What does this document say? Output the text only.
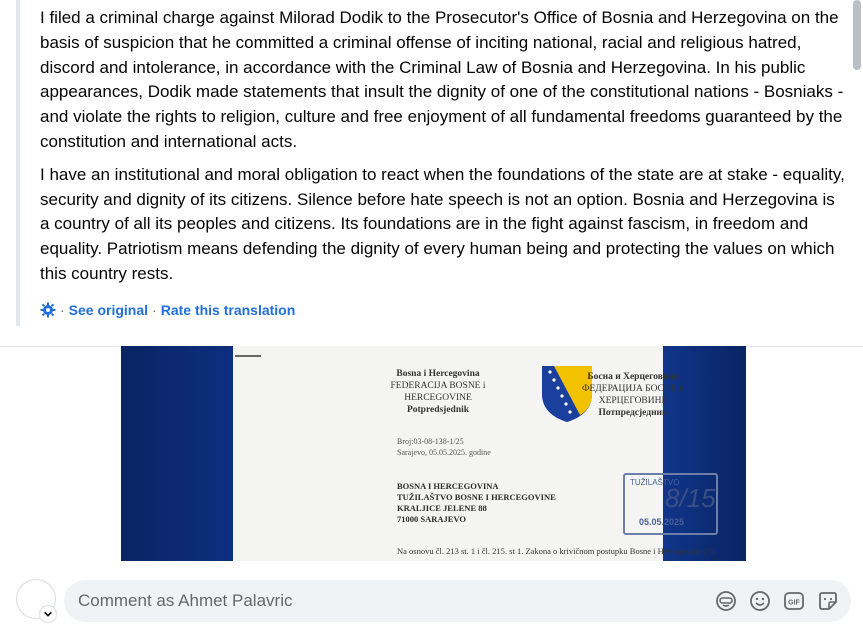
I filed a criminal charge against Milorad Dodik to the Prosecutor's Office of Bosnia and Herzegovina on the basis of suspicion that he committed a criminal offense of inciting national, racial and religious hatred, discord and intolerance, in accordance with the Criminal Law of Bosnia and Herzegovina. In his public appearances, Dodik made statements that insult the dignity of one of the constitutional nations - Bosniaks - and violate the rights to religion, culture and free enjoyment of all fundamental freedoms guaranteed by the constitution and international acts.

I have an institutional and moral obligation to react when the foundations of the state are at stake - equality, security and dignity of its citizens. Silence before hate speech is not an option. Bosnia and Herzegovina is a country of all its peoples and citizens. Its foundations are in the fight against fascism, in freedom and equality. Patriotism means defending the dignity of every human being and protecting the values on which this country rests.

· See original · Rate this translation
Bosna i Hercegovina
FEDERACIJA BOSNE i
HERCEGOVINE
Potpredsjednik
Босна и Херцеговина
ФЕДЕРАЦИЈА БОСНЕ и
ХЕРЦЕГОВИНЕ
Потпредсједник
Broj:03-08-138-1/25
Sarajevo, 05.05.2025. godine
BOSNA I HERCEGOVINA
TUŽILAŠTVO BOSNE I HERCEGOVINE
KRALJICE JELENE 88
71000 SARAJEVO
TUŽILAŠTVO
8/15
05.05.2025
Na osnovu čl. 213 st. 1 i čl. 215. st 1. Zakona o krivičnom postupku Bosne i Hercegovine ("Sl.
Comment as Ahmet Palavric
GIF
